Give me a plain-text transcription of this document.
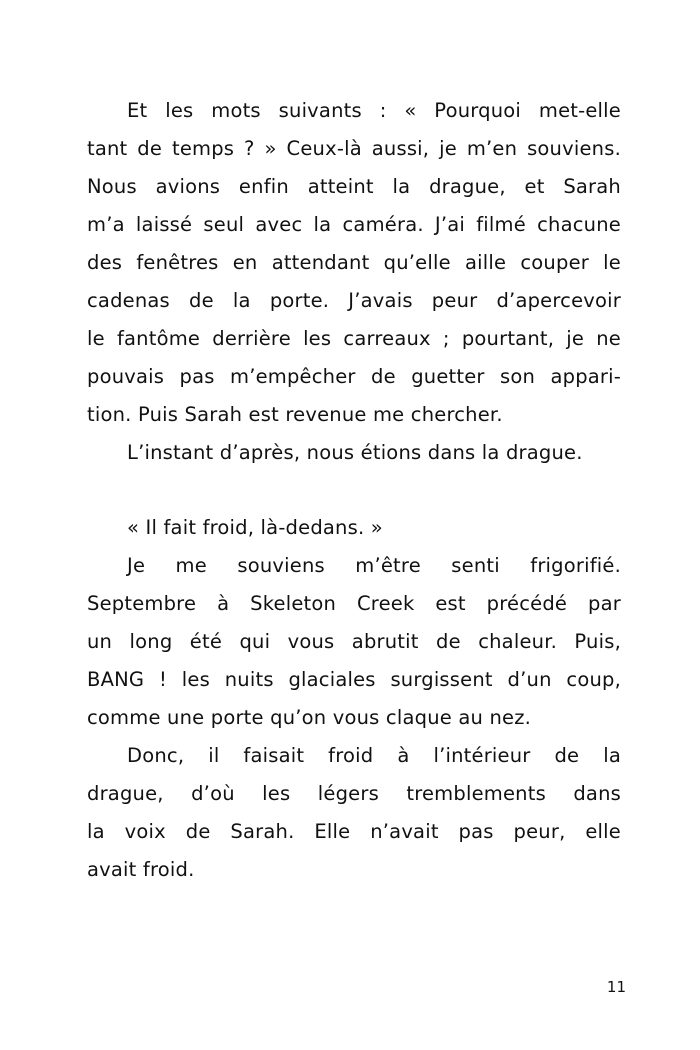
Et les mots suivants : « Pourquoi met-elle
tant de temps ? » Ceux-là aussi, je m’en souviens.
Nous avions enfin atteint la drague, et Sarah
m’a laissé seul avec la caméra. J’ai filmé chacune
des fenêtres en attendant qu’elle aille couper le
cadenas de la porte. J’avais peur d’apercevoir
le fantôme derrière les carreaux ; pourtant, je ne
pouvais pas m’empêcher de guetter son appari-
tion. Puis Sarah est revenue me chercher.
L’instant d’après, nous étions dans la drague.
« Il fait froid, là-dedans. »
Je me souviens m’être senti frigorifié.
Septembre à Skeleton Creek est précédé par
un long été qui vous abrutit de chaleur. Puis,
BANG ! les nuits glaciales surgissent d’un coup,
comme une porte qu’on vous claque au nez.
Donc, il faisait froid à l’intérieur de la
drague, d’où les légers tremblements dans
la voix de Sarah. Elle n’avait pas peur, elle
avait froid.
11
